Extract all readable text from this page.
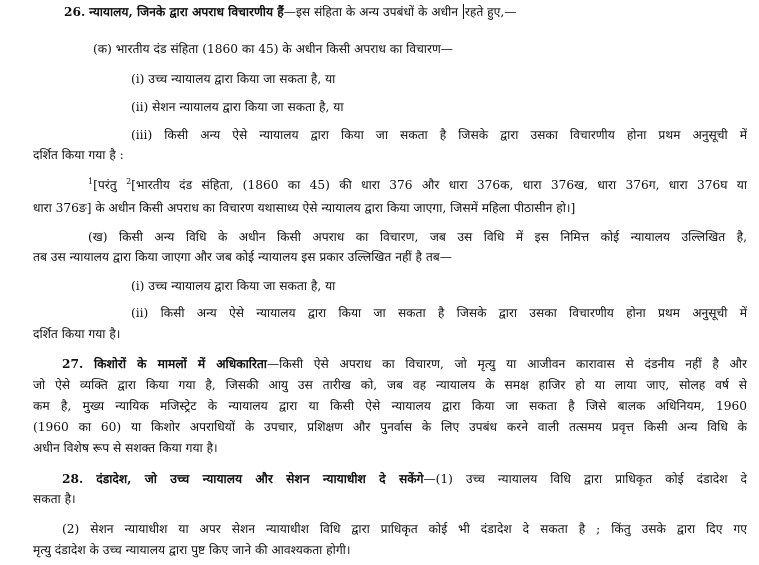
26. न्यायालय, जिनके द्वारा अपराध विचारणीय हैं—इस संहिता के अन्य उपबंधों के अधीन रहते हुए,—
(क) भारतीय दंड संहिता (1860 का 45) के अधीन किसी अपराध का विचारण—
(i) उच्च न्यायालय द्वारा किया जा सकता है, या
(ii) सेशन न्यायालय द्वारा किया जा सकता है, या
(iii) किसी अन्य ऐसे न्यायालय द्वारा किया जा सकता है जिसके द्वारा उसका विचारणीय होना प्रथम अनुसूची में
दर्शित किया गया है :
$^1$[परंतु $^2$[भारतीय दंड संहिता, (1860 का 45) की धारा 376 और धारा 376क, धारा 376ख, धारा 376ग, धारा 376घ या
धारा 376ङ] के अधीन किसी अपराध का विचारण यथासाध्य ऐसे न्यायालय द्वारा किया जाएगा, जिसमें महिला पीठासीन हो।]
(ख) किसी अन्य विधि के अधीन किसी अपराध का विचारण, जब उस विधि में इस निमित्त कोई न्यायालय उल्लिखित है,
तब उस न्यायालय द्वारा किया जाएगा और जब कोई न्यायालय इस प्रकार उल्लिखित नहीं है तब—
(i) उच्च न्यायालय द्वारा किया जा सकता है, या
(ii) किसी अन्य ऐसे न्यायालय द्वारा किया जा सकता है जिसके द्वारा उसका विचारणीय होना प्रथम अनुसूची में
दर्शित किया गया है।
27. किशोरों के मामलों में अधिकारिता—किसी ऐसे अपराध का विचारण, जो मृत्यु या आजीवन कारावास से दंडनीय नहीं है और
जो ऐसे व्यक्ति द्वारा किया गया है, जिसकी आयु उस तारीख को, जब वह न्यायालय के समक्ष हाजिर हो या लाया जाए, सोलह वर्ष से
कम है, मुख्य न्यायिक मजिस्ट्रेट के न्यायालय द्वारा या किसी ऐसे न्यायालय द्वारा किया जा सकता है जिसे बालक अधिनियम, 1960
(1960 का 60) या किशोर अपराधियों के उपचार, प्रशिक्षण और पुनर्वास के लिए उपबंध करने वाली तत्समय प्रवृत्त किसी अन्य विधि के
अधीन विशेष रूप से सशक्त किया गया है।
28. दंडादेश, जो उच्च न्यायालय और सेशन न्यायाधीश दे सकेंगे—(1) उच्च न्यायालय विधि द्वारा प्राधिकृत कोई दंडादेश दे
सकता है।
(2) सेशन न्यायाधीश या अपर सेशन न्यायाधीश विधि द्वारा प्राधिकृत कोई भी दंडादेश दे सकता है ; किंतु उसके द्वारा दिए गए
मृत्यु दंडादेश के उच्च न्यायालय द्वारा पुष्ट किए जाने की आवश्यकता होगी।
